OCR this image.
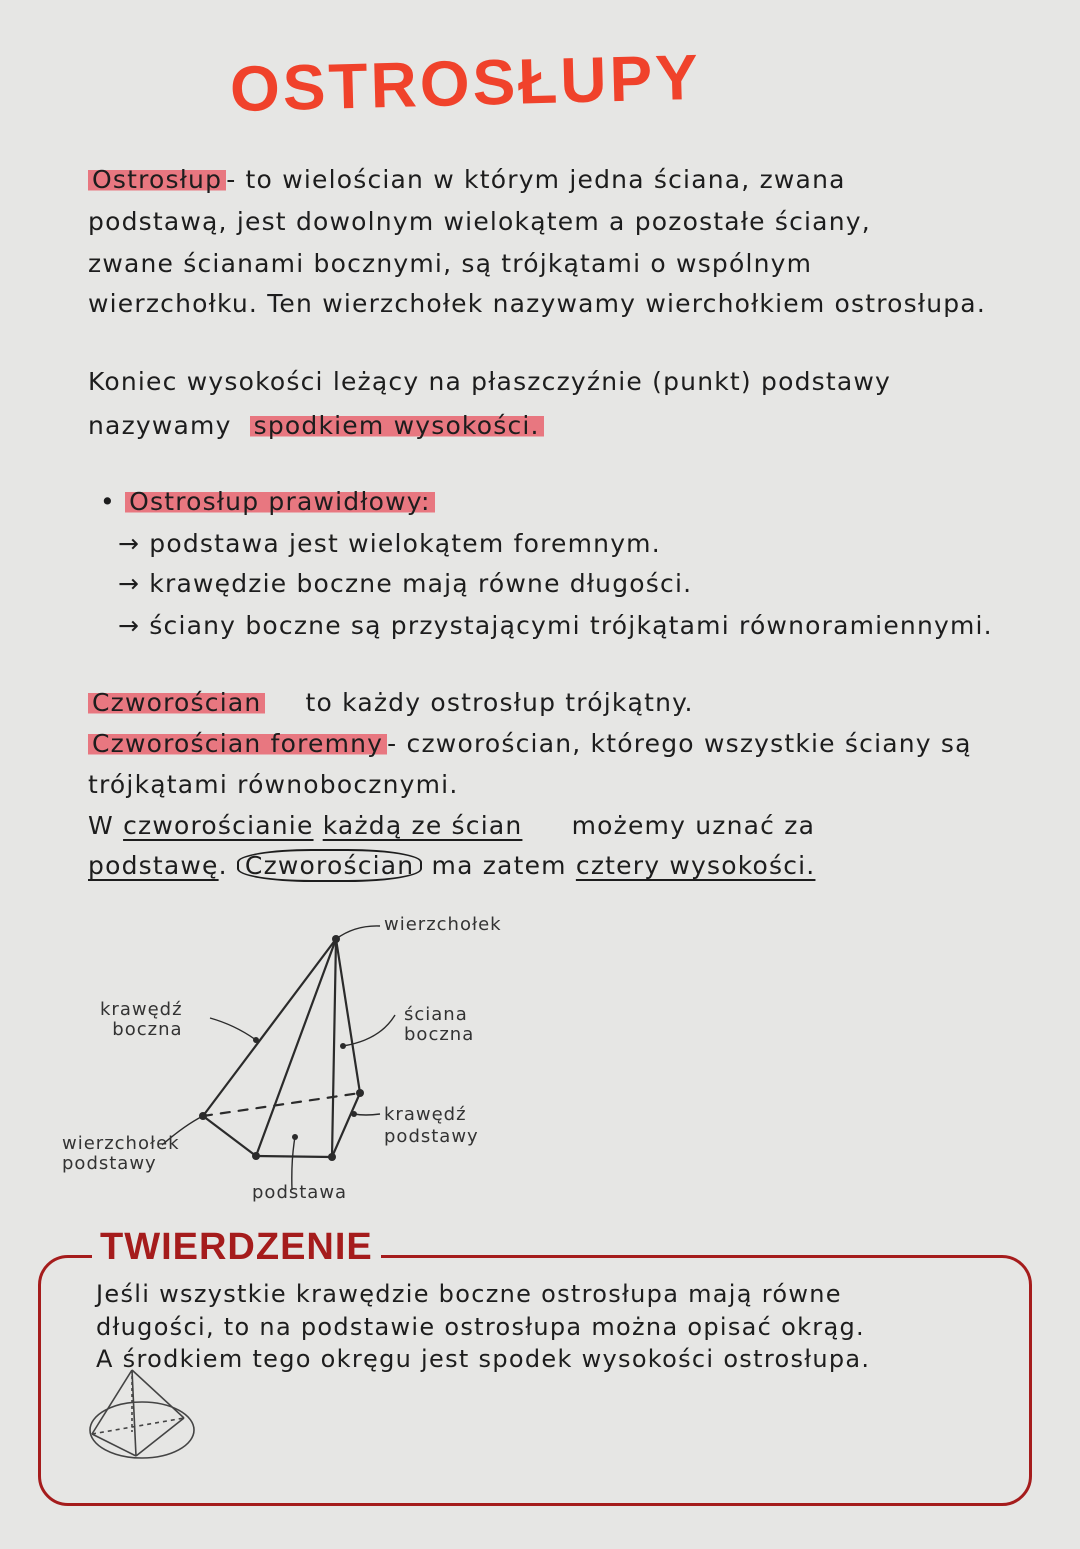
OSTROSŁUPY
Ostrosłup - to wielościan w którym jedna ściana, zwana
podstawą, jest dowolnym wielokątem a pozostałe ściany,
zwane ścianami bocznymi, są trójkątami o wspólnym
wierzchołku. Ten wierzchołek nazywamy wierchołkiem ostrosłupa.
Koniec wysokości leżący na płaszczyźnie (punkt) podstawy
nazywamy spodkiem wysokości.
• Ostrosłup prawidłowy:
→ podstawa jest wielokątem foremnym.
→ krawędzie boczne mają równe długości.
→ ściany boczne są przystającymi trójkątami równoramiennymi.
Czworościan to każdy ostrosłup trójkątny.
Czworościan foremny - czworościan, którego wszystkie ściany są
trójkątami równobocznymi.
W czworościanie każdą ze ścian możemy uznać za
podstawę. Czworościan ma zatem cztery wysokości.
wierzchołek
krawędź
boczna
ściana
boczna
krawędź
podstawy
wierzchołek
podstawy
podstawa
TWIERDZENIE
Jeśli wszystkie krawędzie boczne ostrosłupa mają równe
długości, to na podstawie ostrosłupa można opisać okrąg.
A środkiem tego okręgu jest spodek wysokości ostrosłupa.
